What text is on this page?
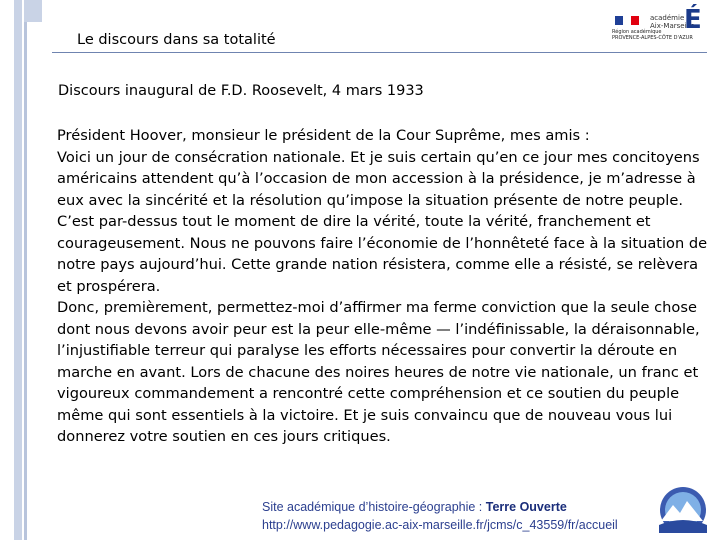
Le discours dans sa totalité
académie
Aix-Marseille
É
Région académique
PROVENCE-ALPES-CÔTE D'AZUR
Discours inaugural de F.D. Roosevelt, 4 mars 1933

Président Hoover, monsieur le président de la Cour Suprême, mes amis :

Voici un jour de consécration nationale. Et je suis certain qu’en ce jour mes concitoyens américains attendent qu’à l’occasion de mon accession à la présidence, je m’adresse à eux avec la sincérité et la résolution qu’impose la situation présente de notre peuple. C’est par-dessus tout le moment de dire la vérité, toute la vérité, franchement et courageusement. Nous ne pouvons faire l’économie de l’honnêteté face à la situation de notre pays aujourd’hui. Cette grande nation résistera, comme elle a résisté, se relèvera et prospérera.

Donc, premièrement, permettez-moi d’affirmer ma ferme conviction que la seule chose dont nous devons avoir peur est la peur elle-même — l’indéfinissable, la déraisonnable, l’injustifiable terreur qui paralyse les efforts nécessaires pour convertir la déroute en marche en avant. Lors de chacune des noires heures de notre vie nationale, un franc et vigoureux commandement a rencontré cette compréhension et ce soutien du peuple même qui sont essentiels à la victoire. Et je suis convaincu que de nouveau vous lui donnerez votre soutien en ces jours critiques.

Site académique d’histoire-géographie : Terre Ouverte
http://www.pedagogie.ac-aix-marseille.fr/jcms/c_43559/fr/accueil
